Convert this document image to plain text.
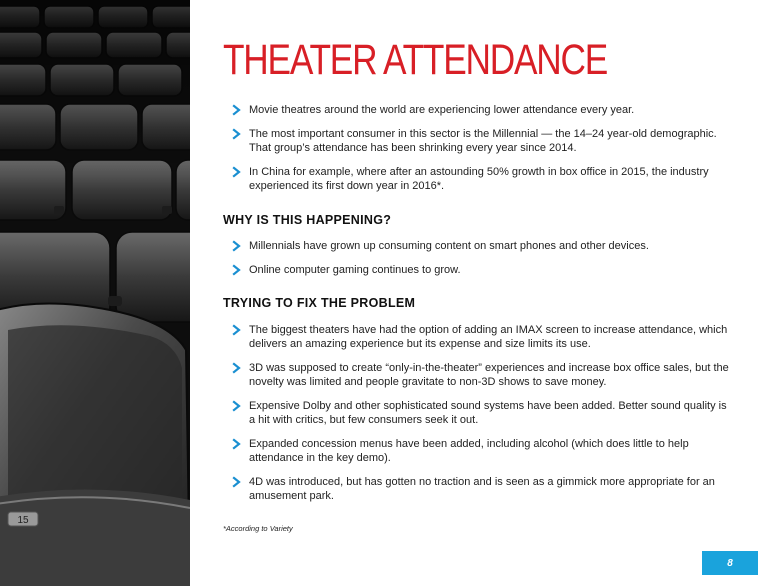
15
THEATER ATTENDANCE
Movie theatres around the world are experiencing lower attendance every year.
The most important consumer in this sector is the Millennial — the 14–24 year-old demographic. That group’s attendance has been shrinking every year since 2014.
In China for example, where after an astounding 50% growth in box office in 2015, the industry experienced its first down year in 2016*.
WHY IS THIS HAPPENING?
Millennials have grown up consuming content on smart phones and other devices.
Online computer gaming continues to grow.
TRYING TO FIX THE PROBLEM
The biggest theaters have had the option of adding an IMAX screen to increase attendance, which delivers an amazing experience but its expense and size limits its use.
3D was supposed to create “only-in-the-theater” experiences and increase box office sales, but the novelty was limited and people gravitate to non-3D shows to save money.
Expensive Dolby and other sophisticated sound systems have been added. Better sound quality is a hit with critics, but few consumers seek it out.
Expanded concession menus have been added, including alcohol (which does little to help attendance in the key demo).
4D was introduced, but has gotten no traction and is seen as a gimmick more appropriate for an amusement park.
*According to Variety
8
